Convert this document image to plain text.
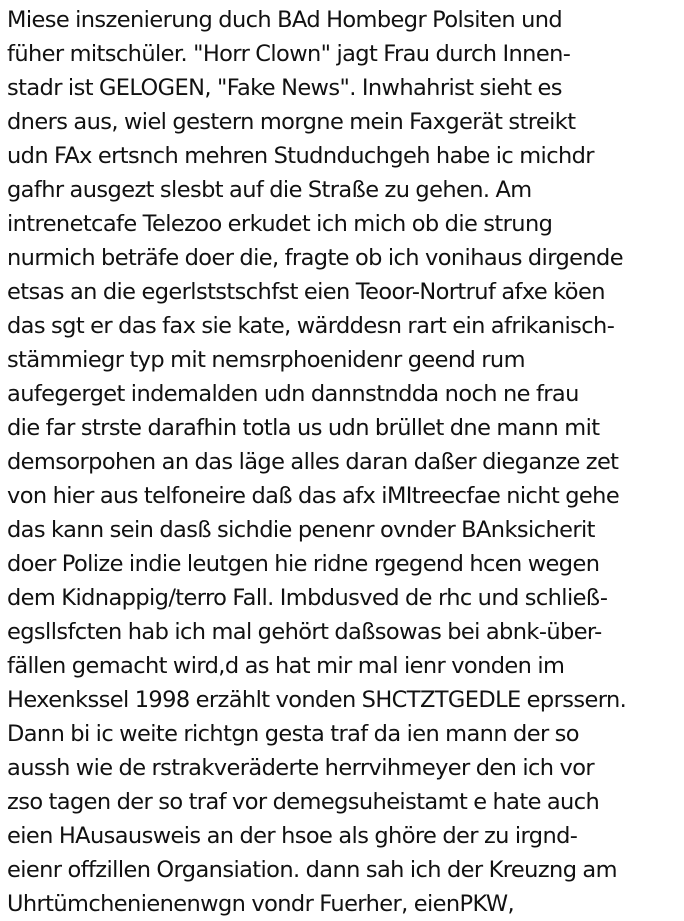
Miese inszenierung duch BAd Hombegr Polsiten und
füher mitschüler. "Horr Clown" jagt Frau durch Innen-
stadr ist GELOGEN, "Fake News". Inwhahrist sieht es
dners aus, wiel gestern morgne mein Faxgerät streikt
udn FAx ertsnch mehren Studnduchgeh habe ic michdr
gafhr ausgezt slesbt auf die Straße zu gehen. Am
intrenetcafe Telezoo erkudet ich mich ob die strung
nurmich beträfe doer die, fragte ob ich vonihaus dirgende
etsas an die egerlststschfst eien Teoor-Nortruf afxe köen
das sgt er das fax sie kate, wärddesn rart ein afrikanisch-
stämmiegr typ mit nemsrphoenidenr geend rum
aufegerget indemalden udn dannstndda noch ne frau
die far strste darafhin totla us udn brüllet dne mann mit
demsorpohen an das läge alles daran daßer dieganze zet
von hier aus telfoneire daß das afx iMItreecfae nicht gehe
das kann sein dasß sichdie penenr ovnder BAnksicherit
doer Polize indie leutgen hie ridne rgegend hcen wegen
dem Kidnappig/terro Fall. Imbdusved de rhc und schließ-
egsllsfcten hab ich mal gehört daßsowas bei abnk-über-
fällen gemacht wird,d as hat mir mal ienr vonden im
Hexenkssel 1998 erzählt vonden SHCTZTGEDLE eprssern.
Dann bi ic weite richtgn gesta traf da ien mann der so
aussh wie de rstrakveräderte herrvihmeyer den ich vor
zso tagen der so traf vor demegsuheistamt e hate auch
eien HAusausweis an der hsoe als ghöre der zu irgnd-
eienr offzillen Organsiation. dann sah ich der Kreuzng am
Uhrtümchenienenwgn vondr Fuerher, eienPKW,
